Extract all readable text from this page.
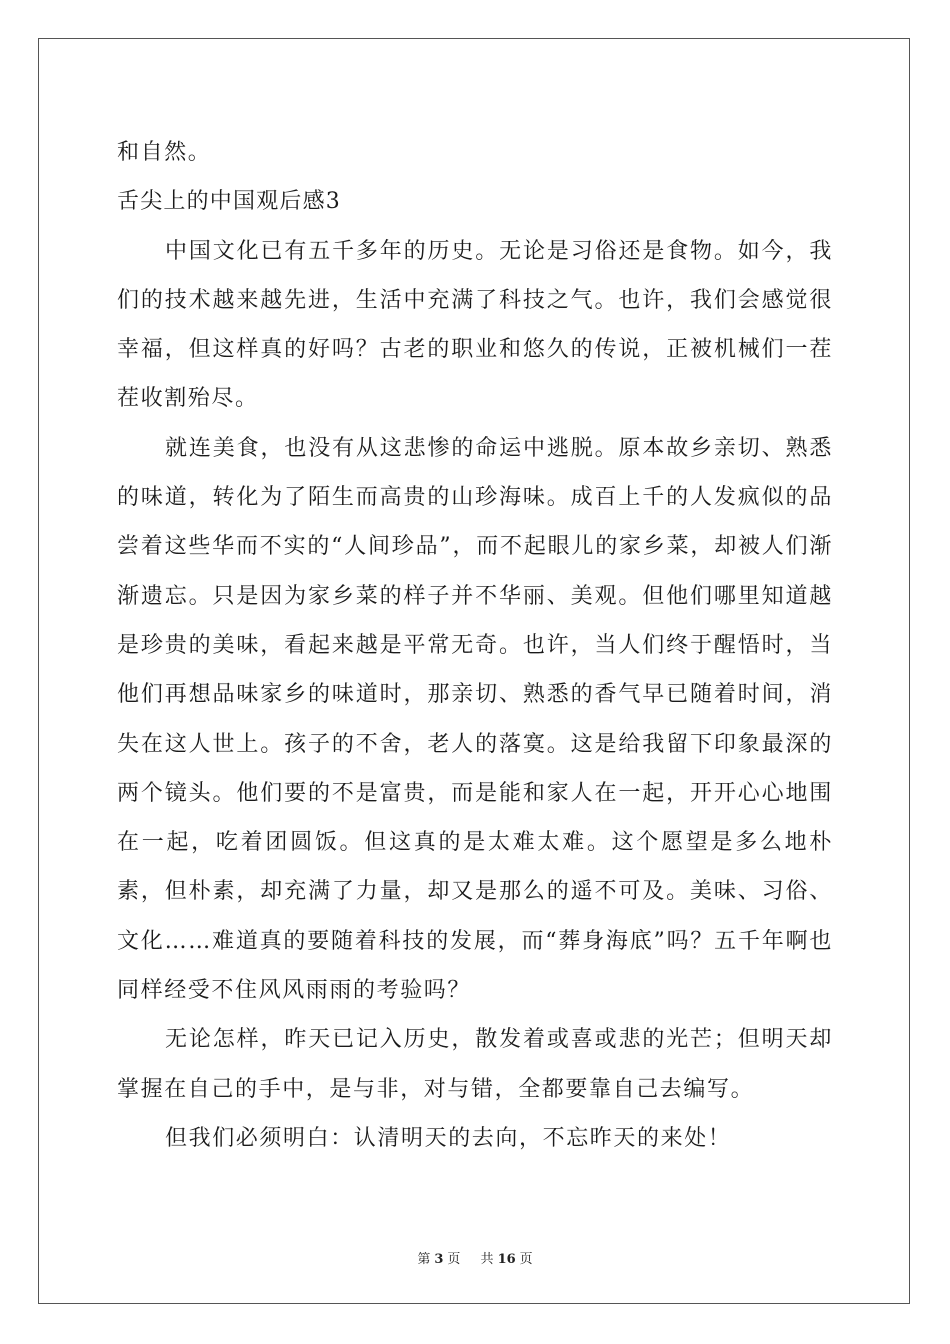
和自然。

舌尖上的中国观后感3

中国文化已有五千多年的历史。无论是习俗还是食物。如今，我们的技术越来越先进，生活中充满了科技之气。也许，我们会感觉很幸福，但这样真的好吗？古老的职业和悠久的传说，正被机械们一茬茬收割殆尽。

就连美食，也没有从这悲惨的命运中逃脱。原本故乡亲切、熟悉的味道，转化为了陌生而高贵的山珍海味。成百上千的人发疯似的品尝着这些华而不实的“人间珍品”，而不起眼儿的家乡菜，却被人们渐渐遗忘。只是因为家乡菜的样子并不华丽、美观。但他们哪里知道越是珍贵的美味，看起来越是平常无奇。也许，当人们终于醒悟时，当他们再想品味家乡的味道时，那亲切、熟悉的香气早已随着时间，消失在这人世上。孩子的不舍，老人的落寞。这是给我留下印象最深的两个镜头。他们要的不是富贵，而是能和家人在一起，开开心心地围在一起，吃着团圆饭。但这真的是太难太难。这个愿望是多么地朴素，但朴素，却充满了力量，却又是那么的遥不可及。美味、习俗、文化……难道真的要随着科技的发展，而“葬身海底”吗？五千年啊也同样经受不住风风雨雨的考验吗？

无论怎样，昨天已记入历史，散发着或喜或悲的光芒；但明天却掌握在自己的手中，是与非，对与错，全都要靠自己去编写。

但我们必须明白：认清明天的去向，不忘昨天的来处！

第 3 页 共 16 页
